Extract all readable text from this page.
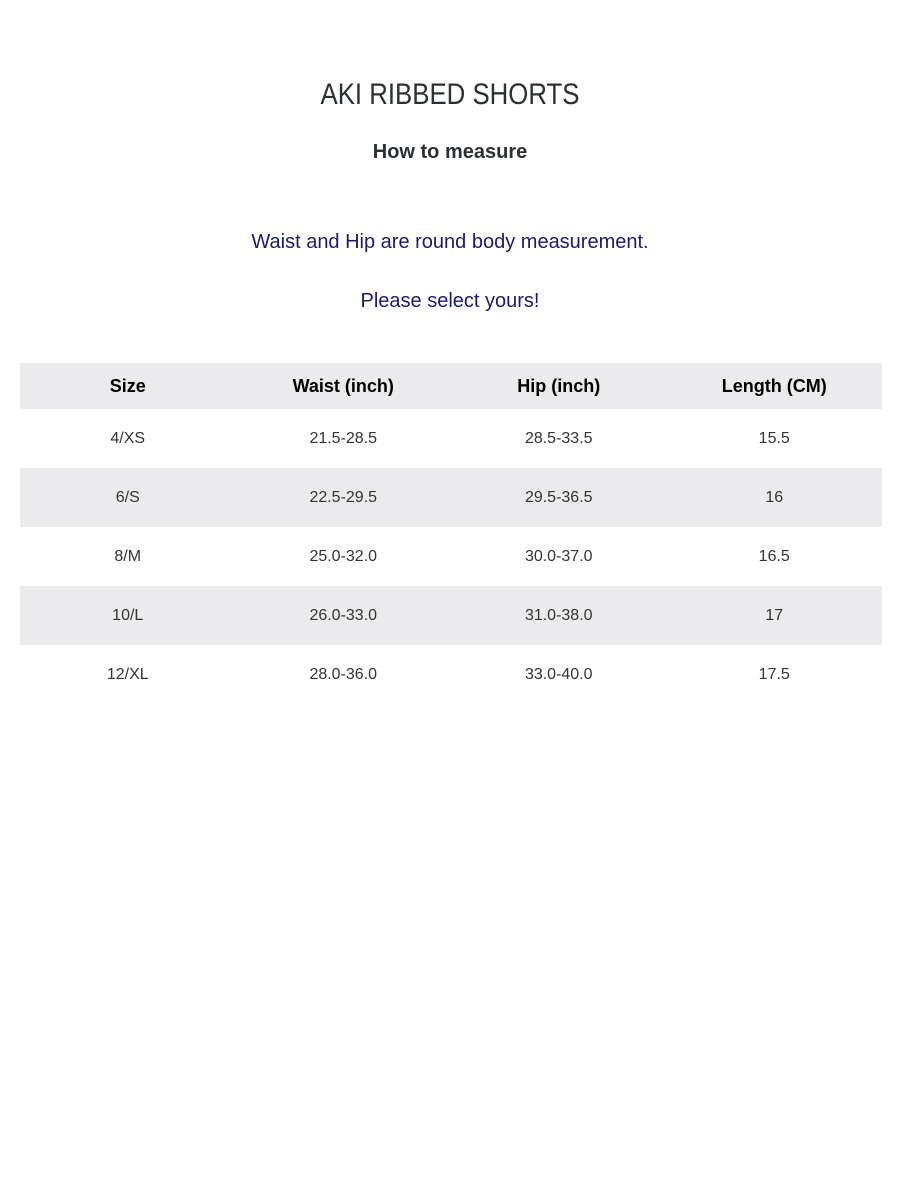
AKI RIBBED SHORTS
How to measure
Waist and Hip are round body measurement.
Please select yours!
Size	Waist (inch)	Hip (inch)	Length (CM)
4/XS	21.5-28.5	28.5-33.5	15.5
6/S	22.5-29.5	29.5-36.5	16
8/M	25.0-32.0	30.0-37.0	16.5
10/L	26.0-33.0	31.0-38.0	17
12/XL	28.0-36.0	33.0-40.0	17.5
